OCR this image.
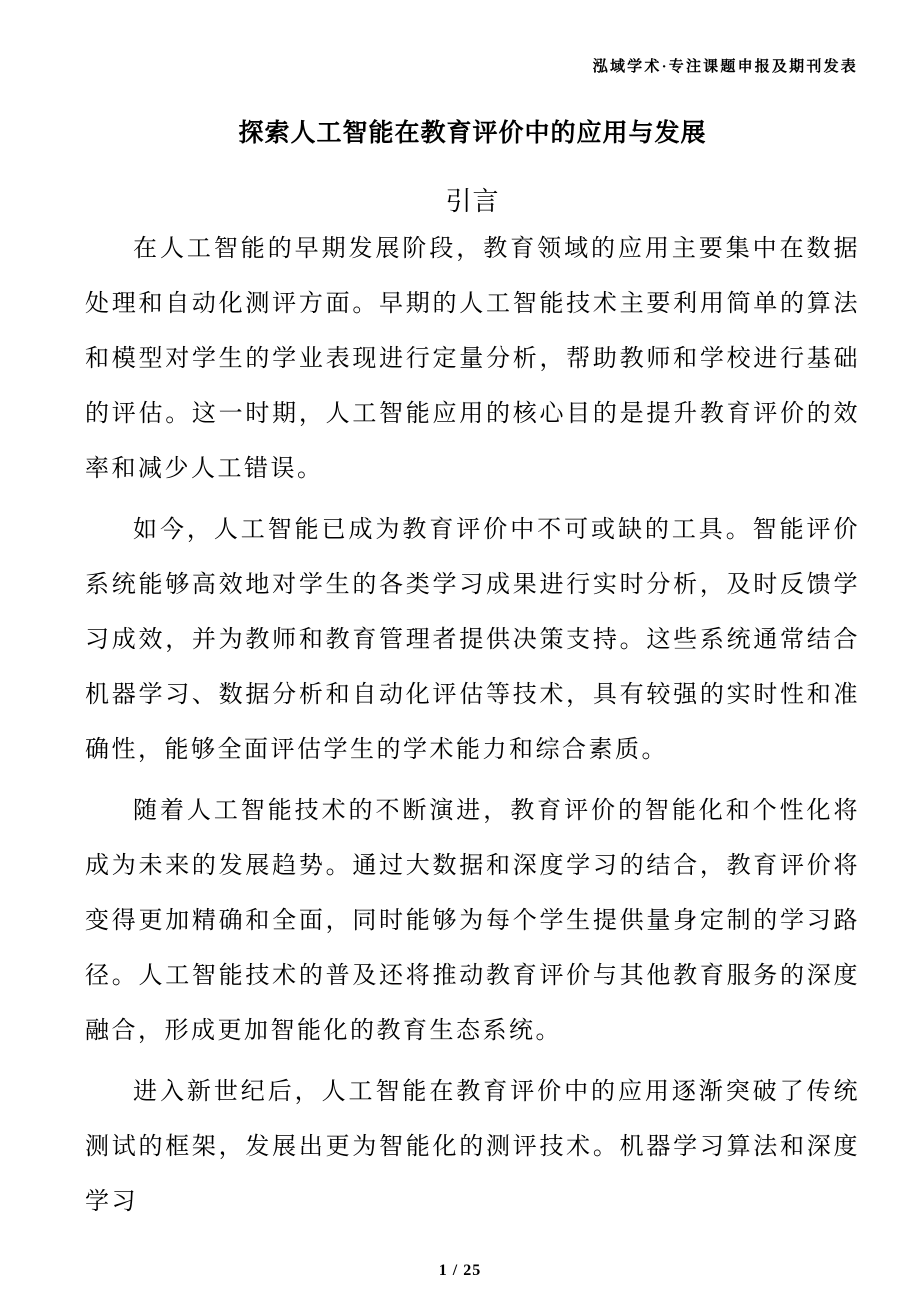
泓域学术·专注课题申报及期刊发表
探索人工智能在教育评价中的应用与发展
引言

在人工智能的早期发展阶段，教育领域的应用主要集中在数据处理和自动化测评方面。早期的人工智能技术主要利用简单的算法和模型对学生的学业表现进行定量分析，帮助教师和学校进行基础的评估。这一时期，人工智能应用的核心目的是提升教育评价的效率和减少人工错误。

如今，人工智能已成为教育评价中不可或缺的工具。智能评价系统能够高效地对学生的各类学习成果进行实时分析，及时反馈学习成效，并为教师和教育管理者提供决策支持。这些系统通常结合机器学习、数据分析和自动化评估等技术，具有较强的实时性和准确性，能够全面评估学生的学术能力和综合素质。

随着人工智能技术的不断演进，教育评价的智能化和个性化将成为未来的发展趋势。通过大数据和深度学习的结合，教育评价将变得更加精确和全面，同时能够为每个学生提供量身定制的学习路径。人工智能技术的普及还将推动教育评价与其他教育服务的深度融合，形成更加智能化的教育生态系统。

进入新世纪后，人工智能在教育评价中的应用逐渐突破了传统测试的框架，发展出更为智能化的测评技术。机器学习算法和深度学习

1 / 25
